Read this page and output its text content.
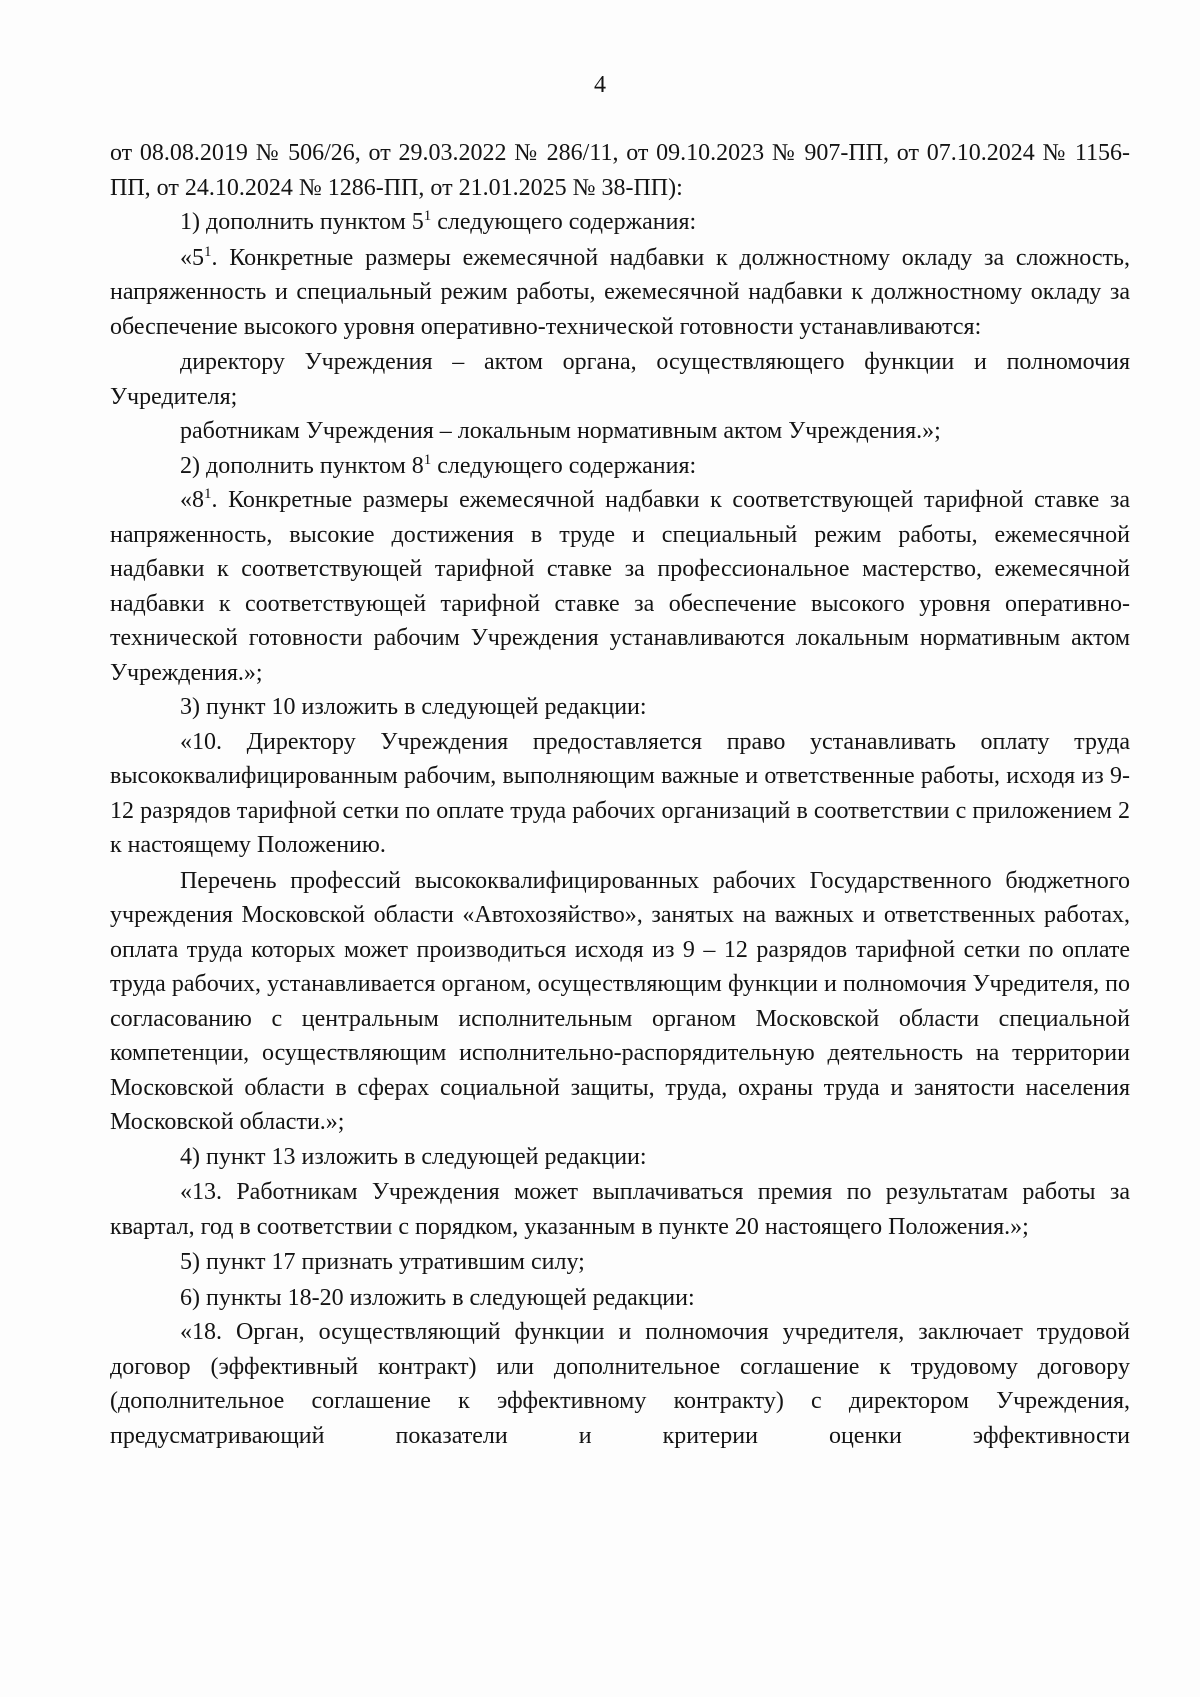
4

от 08.08.2019 № 506/26, от 29.03.2022 № 286/11, от 09.10.2023 № 907-ПП, от 07.10.2024 № 1156-ПП, от 24.10.2024 № 1286-ПП, от 21.01.2025 № 38-ПП):

1) дополнить пунктом $5^1$ следующего содержания:

«$5^1$. Конкретные размеры ежемесячной надбавки к должностному окладу за сложность, напряженность и специальный режим работы, ежемесячной надбавки к должностному окладу за обеспечение высокого уровня оперативно-технической готовности устанавливаются:

директору Учреждения – актом органа, осуществляющего функции и полномочия Учредителя;

работникам Учреждения – локальным нормативным актом Учреждения.»;

2) дополнить пунктом $8^1$ следующего содержания:

«$8^1$. Конкретные размеры ежемесячной надбавки к соответствующей тарифной ставке за напряженность, высокие достижения в труде и специальный режим работы, ежемесячной надбавки к соответствующей тарифной ставке за профессиональное мастерство, ежемесячной надбавки к соответствующей тарифной ставке за обеспечение высокого уровня оперативно-технической готовности рабочим Учреждения устанавливаются локальным нормативным актом Учреждения.»;

3) пункт 10 изложить в следующей редакции:

«10. Директору Учреждения предоставляется право устанавливать оплату труда высококвалифицированным рабочим, выполняющим важные и ответственные работы, исходя из 9-12 разрядов тарифной сетки по оплате труда рабочих организаций в соответствии с приложением 2 к настоящему Положению.

Перечень профессий высококвалифицированных рабочих Государственного бюджетного учреждения Московской области «Автохозяйство», занятых на важных и ответственных работах, оплата труда которых может производиться исходя из 9 – 12 разрядов тарифной сетки по оплате труда рабочих, устанавливается органом, осуществляющим функции и полномочия Учредителя, по согласованию с центральным исполнительным органом Московской области специальной компетенции, осуществляющим исполнительно-распорядительную деятельность на территории Московской области в сферах социальной защиты, труда, охраны труда и занятости населения Московской области.»;

4) пункт 13 изложить в следующей редакции:

«13. Работникам Учреждения может выплачиваться премия по результатам работы за квартал, год в соответствии с порядком, указанным в пункте 20 настоящего Положения.»;

5) пункт 17 признать утратившим силу;

6) пункты 18-20 изложить в следующей редакции:

«18. Орган, осуществляющий функции и полномочия учредителя, заключает трудовой договор (эффективный контракт) или дополнительное соглашение к трудовому договору (дополнительное соглашение к эффективному контракту) с директором Учреждения, предусматривающий показатели и критерии оценки эффективности
